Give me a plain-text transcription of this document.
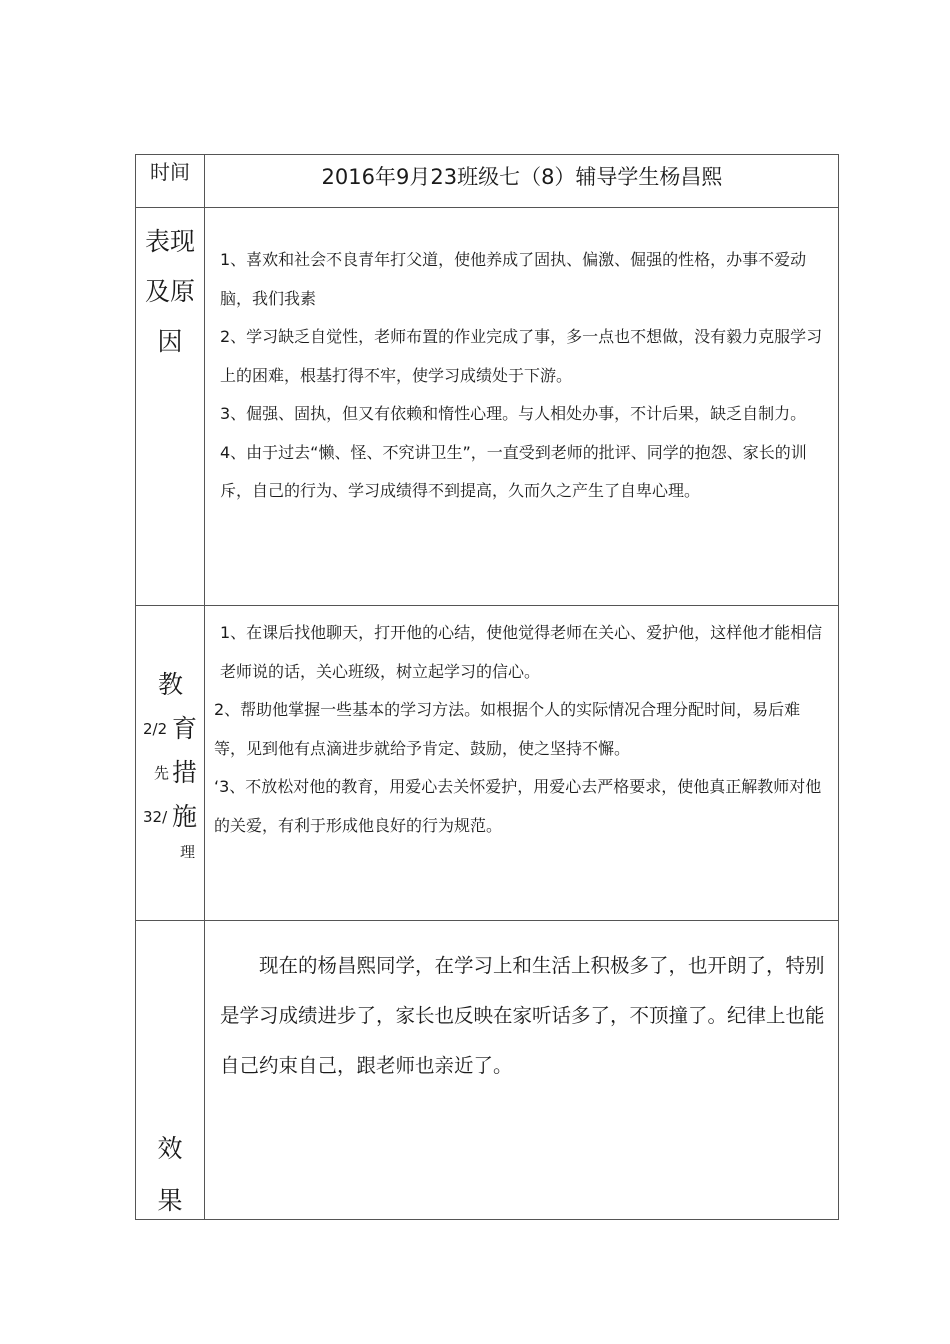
时间	2016年9月23班级七（8）辅导学生杨昌熙
表现
及原
因

1、喜欢和社会不良青年打父道，使他养成了固执、偏激、倔强的性格，办事不爱动脑，我们我素

2、学习缺乏自觉性，老师布置的作业完成了事，多一点也不想做，没有毅力克服学习上的困难，根基打得不牢，使学习成绩处于下游。

3、倔强、固执，但又有依赖和惰性心理。与人相处办事，不计后果，缺乏自制力。

4、由于过去“懒、怪、不究讲卫生”，一直受到老师的批评、同学的抱怨、家长的训斥，自己的行为、学习成绩得不到提高，久而久之产生了自卑心理。

教
2/2 育
先 措
32/ 施
理

1、在课后找他聊天，打开他的心结，使他觉得老师在关心、爱护他，这样他才能相信老师说的话，关心班级，树立起学习的信心。

2、帮助他掌握一些基本的学习方法。如根据个人的实际情况合理分配时间，易后难等，见到他有点滴进步就给予肯定、鼓励，使之坚持不懈。

‘3、不放松对他的教育，用爱心去关怀爱护，用爱心去严格要求，使他真正解教师对他的关爱，有利于形成他良好的行为规范。

现在的杨昌熙同学，在学习上和生活上积极多了，也开朗了，特别是学习成绩进步了，家长也反映在家听话多了，不顶撞了。纪律上也能自己约束自己，跟老师也亲近了。

效
果
